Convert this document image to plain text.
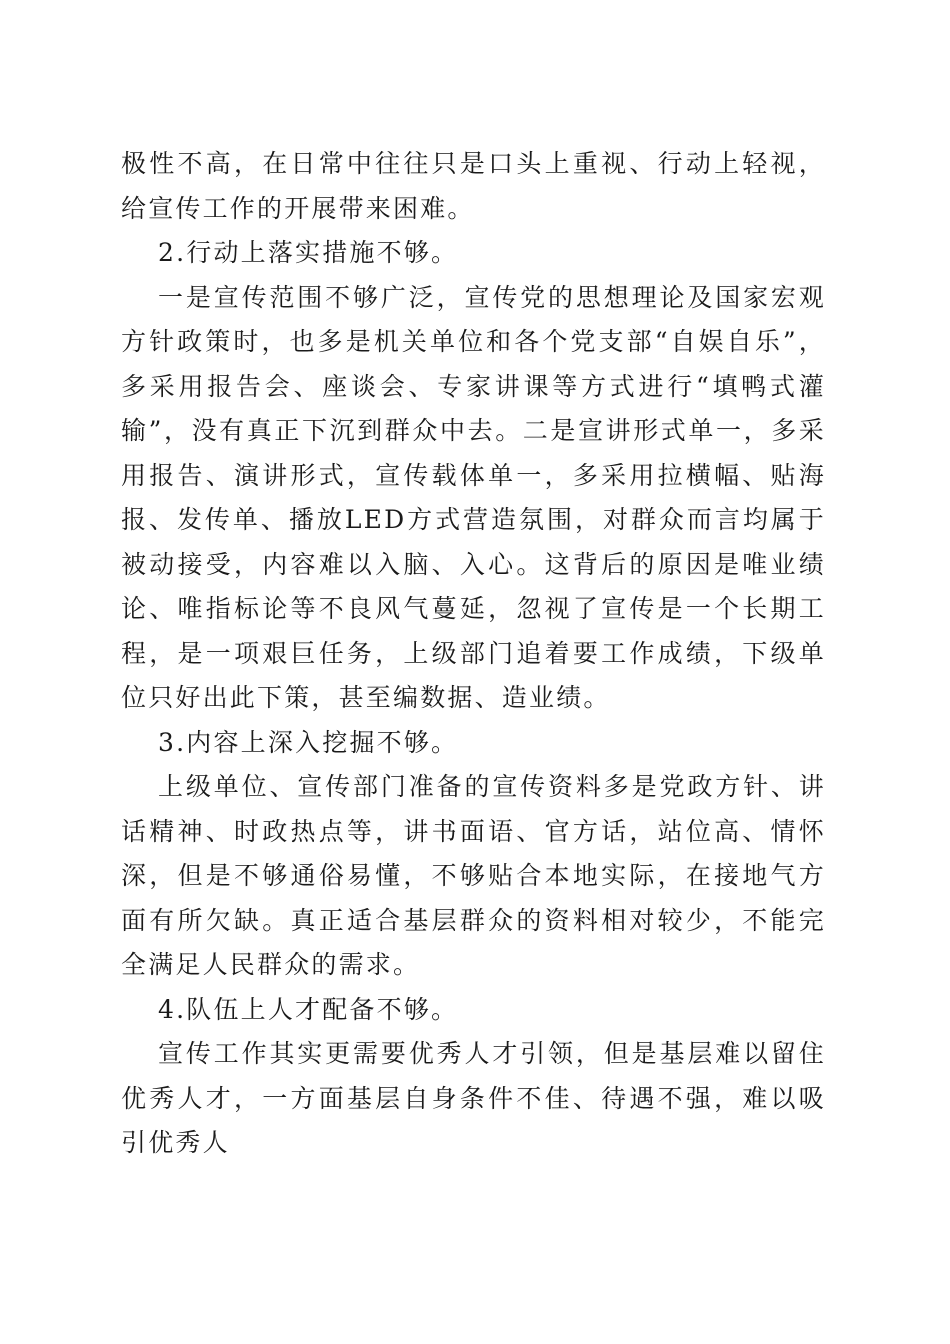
极性不高，在日常中往往只是口头上重视、行动上轻视，给宣传工作的开展带来困难。

2.行动上落实措施不够。

一是宣传范围不够广泛，宣传党的思想理论及国家宏观方针政策时，也多是机关单位和各个党支部“自娱自乐”，多采用报告会、座谈会、专家讲课等方式进行“填鸭式灌输”，没有真正下沉到群众中去。二是宣讲形式单一，多采用报告、演讲形式，宣传载体单一，多采用拉横幅、贴海报、发传单、播放LED方式营造氛围，对群众而言均属于被动接受，内容难以入脑、入心。这背后的原因是唯业绩论、唯指标论等不良风气蔓延，忽视了宣传是一个长期工程，是一项艰巨任务，上级部门追着要工作成绩，下级单位只好出此下策，甚至编数据、造业绩。

3.内容上深入挖掘不够。

上级单位、宣传部门准备的宣传资料多是党政方针、讲话精神、时政热点等，讲书面语、官方话，站位高、情怀深，但是不够通俗易懂，不够贴合本地实际，在接地气方面有所欠缺。真正适合基层群众的资料相对较少，不能完全满足人民群众的需求。

4.队伍上人才配备不够。

宣传工作其实更需要优秀人才引领，但是基层难以留住优秀人才，一方面基层自身条件不佳、待遇不强，难以吸引优秀人
